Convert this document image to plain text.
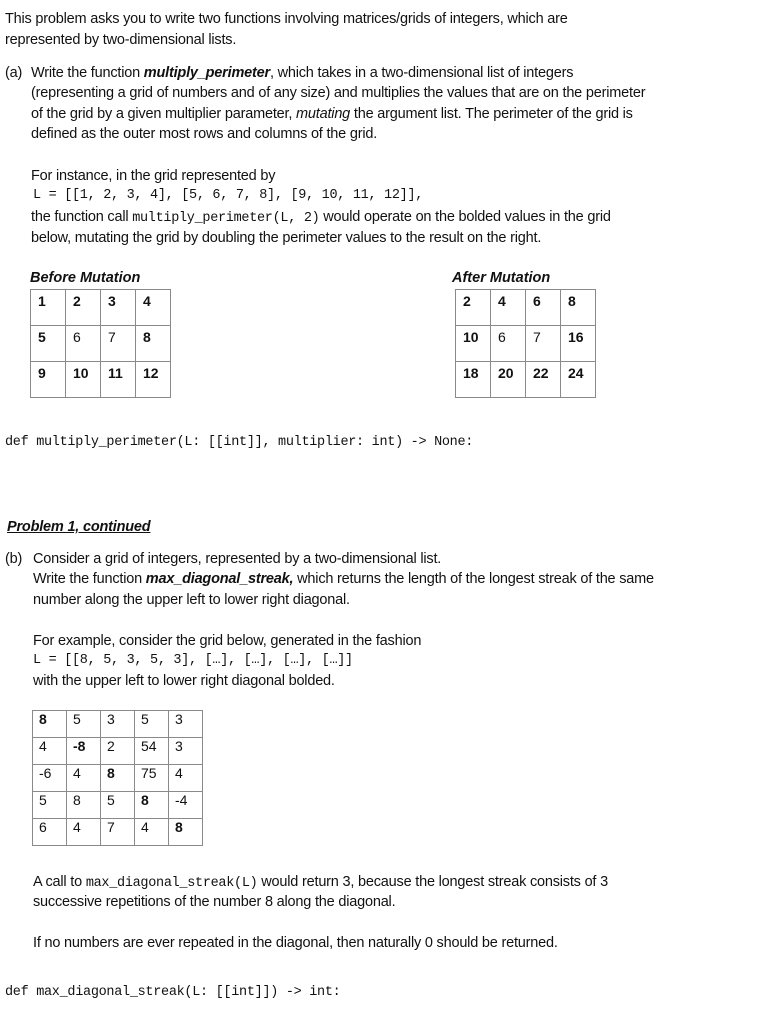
This problem asks you to write two functions involving matrices/grids of integers, which are
represented by two-dimensional lists.
(a) Write the function multiply_perimeter, which takes in a two-dimensional list of integers
(representing a grid of numbers and of any size) and multiplies the values that are on the perimeter
of the grid by a given multiplier parameter, mutating the argument list. The perimeter of the grid is
defined as the outer most rows and columns of the grid.
For instance, in the grid represented by
L = [[1, 2, 3, 4], [5, 6, 7, 8], [9, 10, 11, 12]],
the function call multiply_perimeter(L, 2) would operate on the bolded values in the grid
below, mutating the grid by doubling the perimeter values to the result on the right.
Before Mutation
1	2	3	4

5	6	7	8

9	10	11	12
After Mutation
2	4	6	8

10	6	7	16

18	20	22	24
def multiply_perimeter(L: [[int]], multiplier: int) -> None:
Problem 1, continued
(b) Consider a grid of integers, represented by a two-dimensional list.
Write the function max_diagonal_streak, which returns the length of the longest streak of the same
number along the upper left to lower right diagonal.
For example, consider the grid below, generated in the fashion
L = [[8, 5, 3, 5, 3], […], […], […], […]]
with the upper left to lower right diagonal bolded.
8	5	3	5	3

4	-8	2	54	3

-6	4	8	75	4

5	8	5	8	-4

6	4	7	4	8
A call to max_diagonal_streak(L) would return 3, because the longest streak consists of 3
successive repetitions of the number 8 along the diagonal.
If no numbers are ever repeated in the diagonal, then naturally 0 should be returned.
def max_diagonal_streak(L: [[int]]) -> int:
